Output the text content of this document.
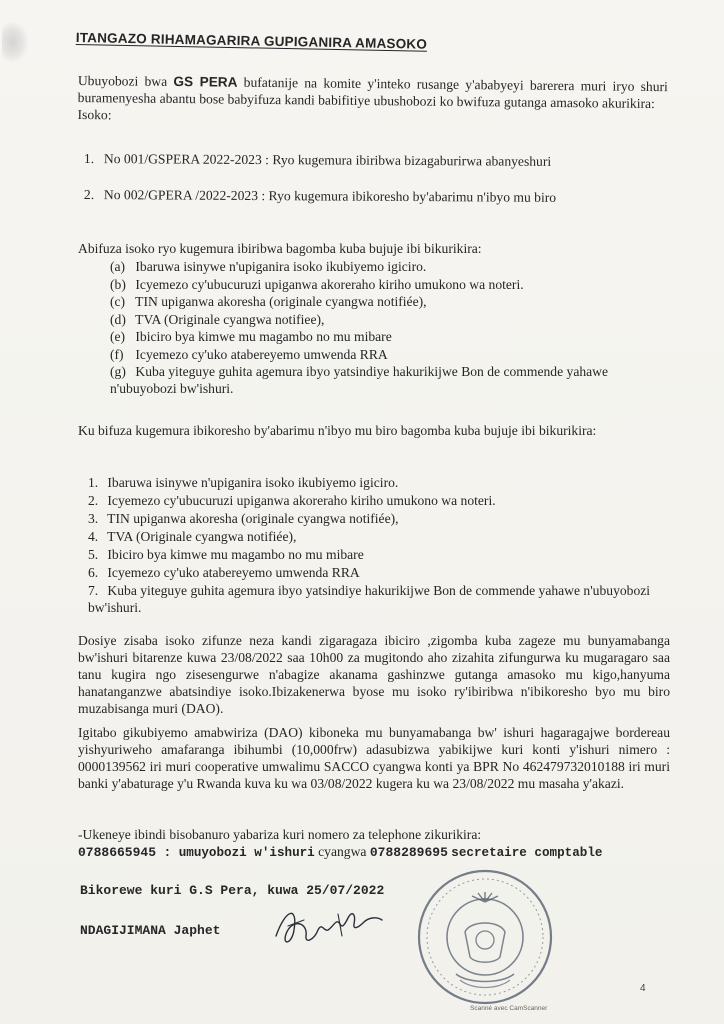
ITANGAZO RIHAMAGARIRA GUPIGANIRA AMASOKO

Ubuyobozi bwa GS PERA bufatanije na komite y'inteko rusange y'ababyeyi barerera muri iryo shuri buramenyesha abantu bose babyifuza kandi babifitiye ubushobozi ko bwifuza gutanga amasoko akurikira:
Isoko:

1. No 001/GSPERA 2022-2023 : Ryo kugemura ibiribwa bizagaburirwa abanyeshuri

2. No 002/GPERA /2022-2023 : Ryo kugemura ibikoresho by'abarimu n'ibyo mu biro

Abifuza isoko ryo kugemura ibiribwa bagomba kuba bujuje ibi bikurikira:

(a) Ibaruwa isinywe n'upiganira isoko ikubiyemo igiciro.
(b) Icyemezo cy'ubucuruzi upiganwa akoreraho kiriho umukono wa noteri.
(c) TIN upiganwa akoresha (originale cyangwa notifiée),
(d) TVA (Originale cyangwa notifiee),
(e) Ibiciro bya kimwe mu magambo no mu mibare
(f) Icyemezo cy'uko atabereyemo umwenda RRA
(g) Kuba yiteguye guhita agemura ibyo yatsindiye hakurikijwe Bon de commende yahawe n'ubuyobozi bw'ishuri.

Ku bifuza kugemura ibikoresho by'abarimu n'ibyo mu biro bagomba kuba bujuje ibi bikurikira:

1. Ibaruwa isinywe n'upiganira isoko ikubiyemo igiciro.
2. Icyemezo cy'ubucuruzi upiganwa akoreraho kiriho umukono wa noteri.
3. TIN upiganwa akoresha (originale cyangwa notifiée),
4. TVA (Originale cyangwa notifiée),
5. Ibiciro bya kimwe mu magambo no mu mibare
6. Icyemezo cy'uko atabereyemo umwenda RRA
7. Kuba yiteguye guhita agemura ibyo yatsindiye hakurikijwe Bon de commende yahawe n'ubuyobozi bw'ishuri.

Dosiye zisaba isoko zifunze neza kandi zigaragaza ibiciro ,zigomba kuba zageze mu bunyamabanga bw'ishuri bitarenze kuwa 23/08/2022 saa 10h00 za mugitondo aho zizahita zifungurwa ku mugaragaro saa tanu kugira ngo zisesengurwe n'abagize akanama gashinzwe gutanga amasoko mu kigo,hanyuma hanatanganzwe abatsindiye isoko.Ibizakenerwa byose mu isoko ry'ibiribwa n'ibikoresho byo mu biro muzabisanga muri (DAO).

Igitabo gikubiyemo amabwiriza (DAO) kiboneka mu bunyamabanga bw' ishuri hagaragajwe bordereau yishyuriweho amafaranga ibihumbi (10,000frw) adasubizwa yabikijwe kuri konti y'ishuri nimero : 0000139562 iri muri cooperative umwalimu SACCO cyangwa konti ya BPR No 462479732010188 iri muri banki y'abaturage y'u Rwanda kuva ku wa 03/08/2022 kugera ku wa 23/08/2022 mu masaha y'akazi.

-Ukeneye ibindi bisobanuro yabariza kuri nomero za telephone zikurikira:
0788665945 : umuyobozi w'ishuri cyangwa 0788289695 secretaire comptable

Bikorewe kuri G.S Pera, kuwa 25/07/2022
NDAGIJIMANA Japhet
4
Scanné avec CamScanner
